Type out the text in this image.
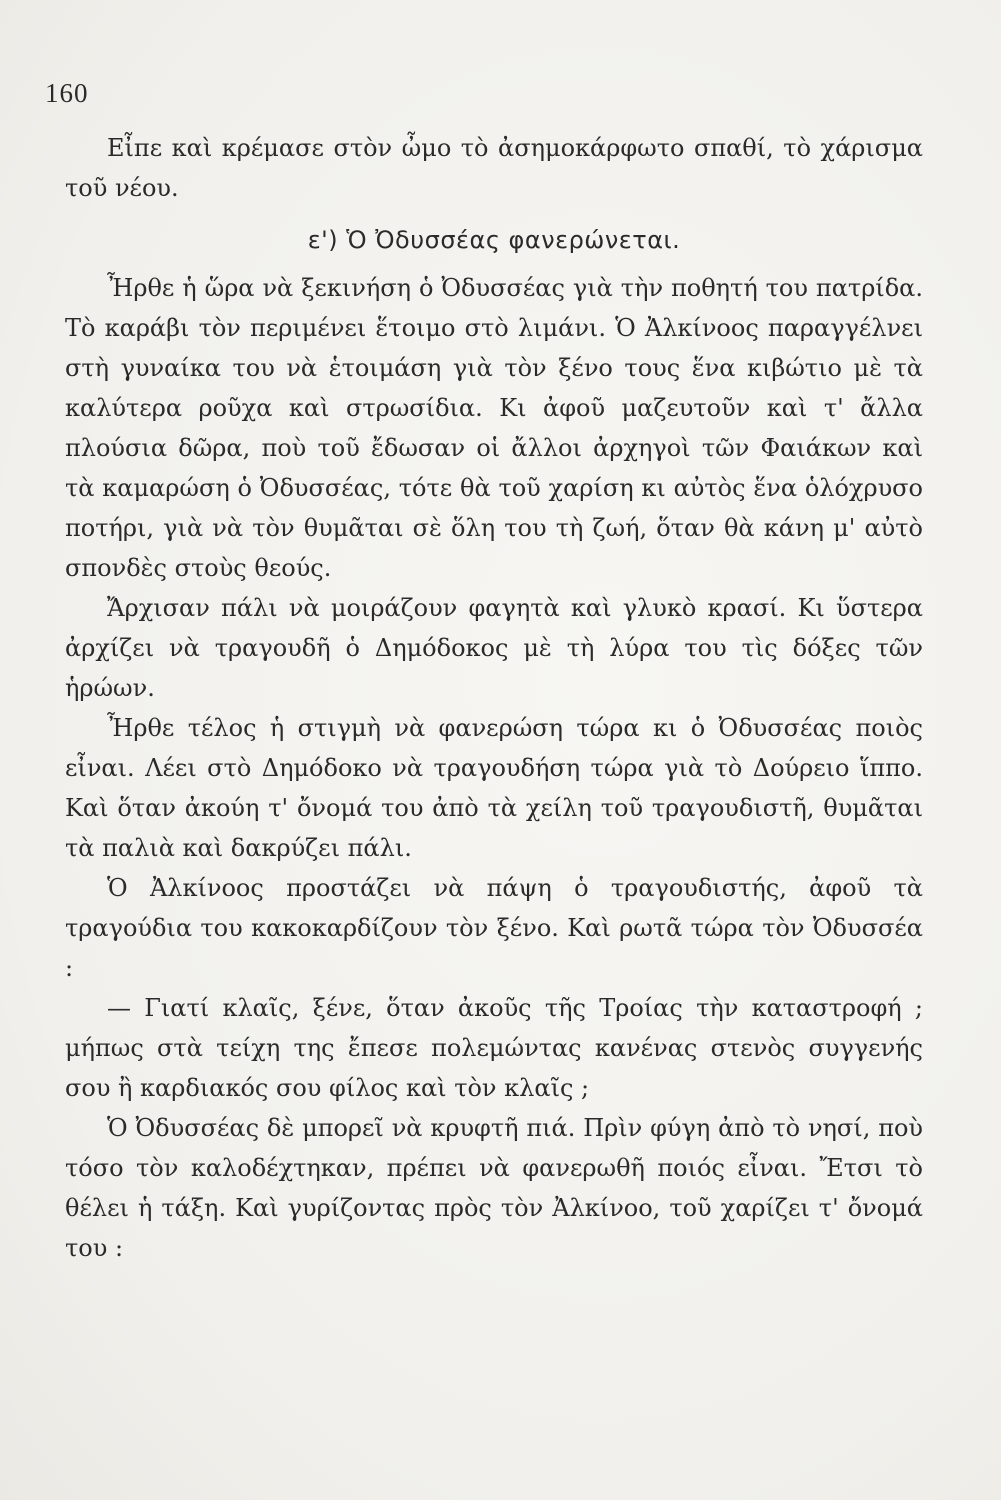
160

Εἶπε καὶ κρέμασε στὸν ὦμο τὸ ἀσημοκάρφωτο σπαθί, τὸ χάρισμα τοῦ νέου.

ε') Ὁ Ὀδυσσέας φανερώνεται.

Ἦρθε ἡ ὥρα νὰ ξεκινήση ὁ Ὀδυσσέας γιὰ τὴν ποθητή του πατρίδα. Τὸ καράβι τὸν περιμένει ἕτοιμο στὸ λιμάνι. Ὁ Ἀλκίνοος παραγγέλνει στὴ γυναίκα του νὰ ἑτοιμάση γιὰ τὸν ξένο τους ἕνα κιβώτιο μὲ τὰ καλύτερα ροῦχα καὶ στρωσίδια. Κι ἀφοῦ μαζευτοῦν καὶ τ' ἄλλα πλούσια δῶρα, ποὺ τοῦ ἔδωσαν οἱ ἄλλοι ἀρχηγοὶ τῶν Φαιάκων καὶ τὰ καμαρώση ὁ Ὀδυσσέας, τότε θὰ τοῦ χαρίση κι αὐτὸς ἕνα ὁλόχρυσο ποτήρι, γιὰ νὰ τὸν θυμᾶται σὲ ὅλη του τὴ ζωή, ὅταν θὰ κάνη μ' αὐτὸ σπονδὲς στοὺς θεούς.

Ἄρχισαν πάλι νὰ μοιράζουν φαγητὰ καὶ γλυκὸ κρασί. Κι ὕστερα ἀρχίζει νὰ τραγουδῆ ὁ Δημόδοκος μὲ τὴ λύρα του τὶς δόξες τῶν ἡρώων.

Ἦρθε τέλος ἡ στιγμὴ νὰ φανερώση τώρα κι ὁ Ὀδυσσέας ποιὸς εἶναι. Λέει στὸ Δημόδοκο νὰ τραγουδήση τώρα γιὰ τὸ Δούρειο ἵππο. Καὶ ὅταν ἀκούη τ' ὄνομά του ἀπὸ τὰ χείλη τοῦ τραγουδιστῆ, θυμᾶται τὰ παλιὰ καὶ δακρύζει πάλι.

Ὁ Ἀλκίνοος προστάζει νὰ πάψη ὁ τραγουδιστής, ἀφοῦ τὰ τραγούδια του κακοκαρδίζουν τὸν ξένο. Καὶ ρωτᾶ τώρα τὸν Ὀδυσσέα :

— Γιατί κλαῖς, ξένε, ὅταν ἀκοῦς τῆς Τροίας τὴν καταστροφή ; μήπως στὰ τείχη της ἔπεσε πολεμώντας κανένας στενὸς συγγενής σου ἢ καρδιακός σου φίλος καὶ τὸν κλαῖς ;

Ὁ Ὀδυσσέας δὲ μπορεῖ νὰ κρυφτῆ πιά. Πρὶν φύγη ἀπὸ τὸ νησί, ποὺ τόσο τὸν καλοδέχτηκαν, πρέπει νὰ φανερωθῆ ποιός εἶναι. Ἔτσι τὸ θέλει ἡ τάξη. Καὶ γυρίζοντας πρὸς τὸν Ἀλκίνοο, τοῦ χαρίζει τ' ὄνομά του :
